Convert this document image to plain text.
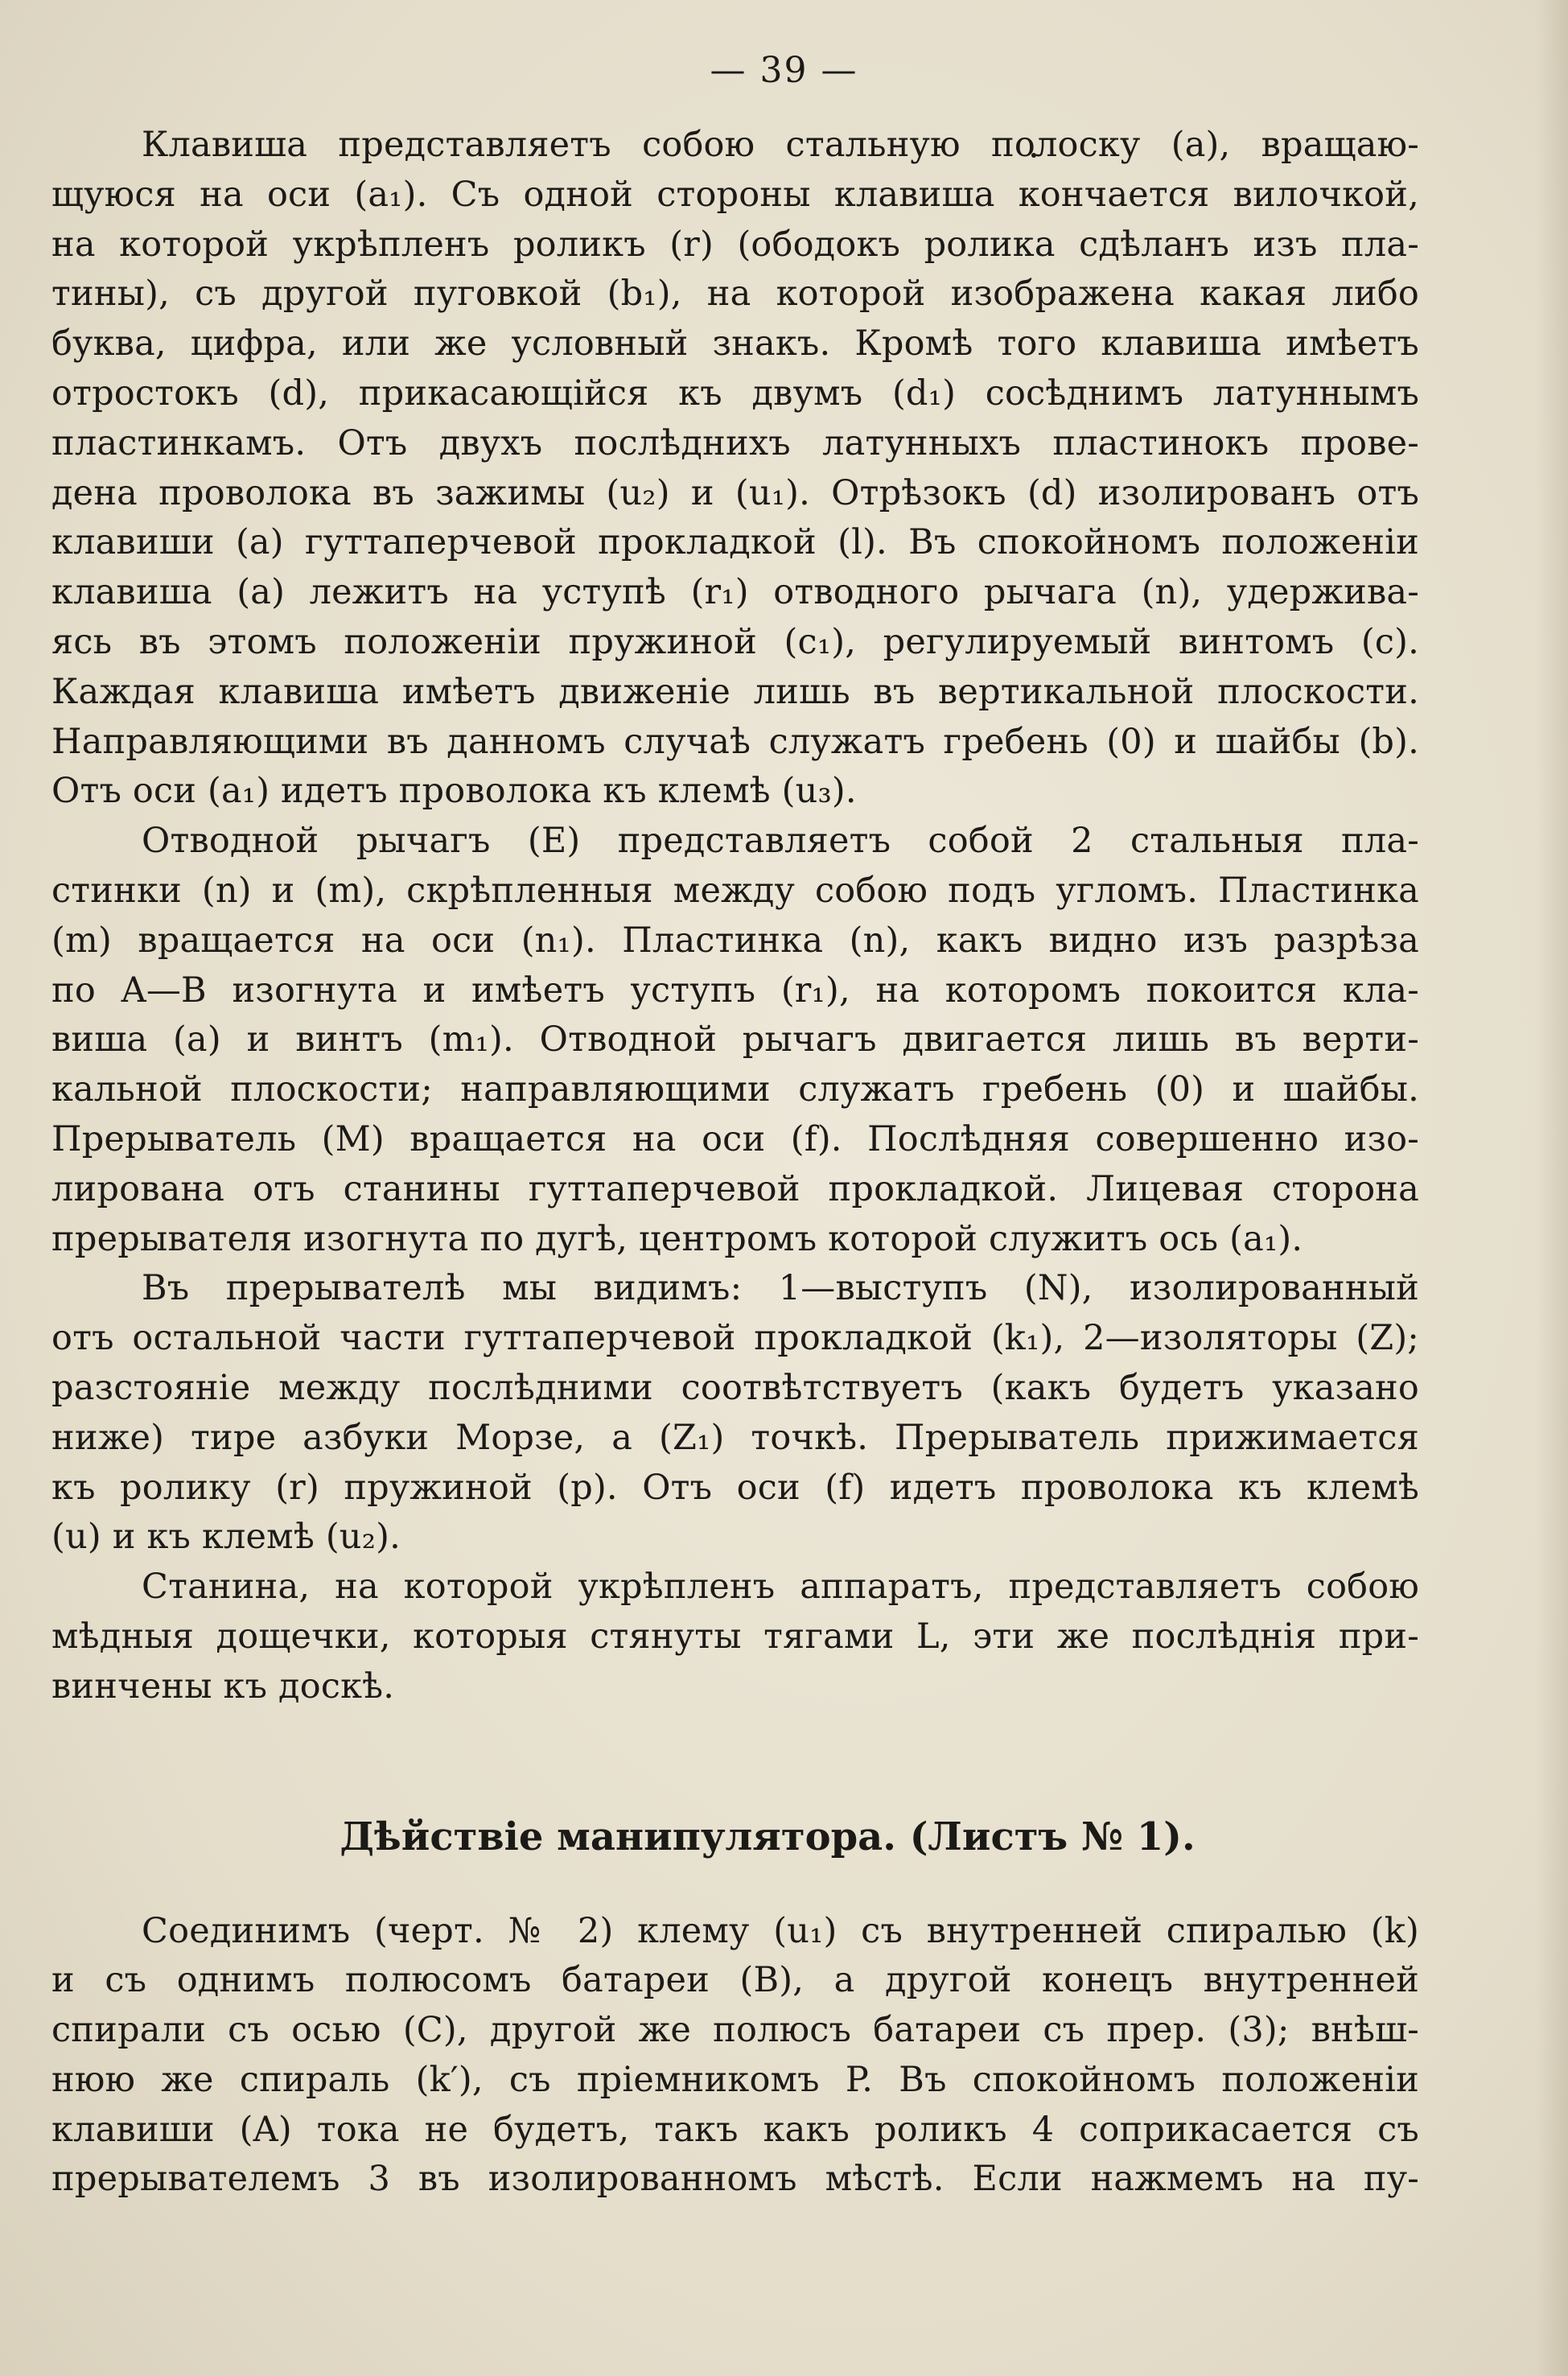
— 39 —
Клавиша представляетъ собою стальную полоску (a), вращаю-
щуюся на оси (a₁). Съ одной стороны клавиша кончается вилочкой,
на которой укрѣпленъ роликъ (r) (ободокъ ролика сдѣланъ изъ пла-
тины), съ другой пуговкой (b₁), на которой изображена какая либо
буква, цифра, или же условный знакъ. Кромѣ того клавиша имѣетъ
отростокъ (d), прикасающійся къ двумъ (d₁) сосѣднимъ латуннымъ
пластинкамъ. Отъ двухъ послѣднихъ латунныхъ пластинокъ прове-
дена проволока въ зажимы (u₂) и (u₁). Отрѣзокъ (d) изолированъ отъ
клавиши (a) гуттаперчевой прокладкой (l). Въ спокойномъ положеніи
клавиша (a) лежитъ на уступѣ (r₁) отводного рычага (n), удержива-
ясь въ этомъ положеніи пружиной (c₁), регулируемый винтомъ (c).
Каждая клавиша имѣетъ движеніе лишь въ вертикальной плоскости.
Направляющими въ данномъ случаѣ служатъ гребень (0) и шайбы (b).
Отъ оси (a₁) идетъ проволока къ клемѣ (u₃).
Отводной рычагъ (E) представляетъ собой 2 стальныя пла-
стинки (n) и (m), скрѣпленныя между собою подъ угломъ. Пластинка
(m) вращается на оси (n₁). Пластинка (n), какъ видно изъ разрѣза
по A—B изогнута и имѣетъ уступъ (r₁), на которомъ покоится кла-
виша (a) и винтъ (m₁). Отводной рычагъ двигается лишь въ верти-
кальной плоскости; направляющими служатъ гребень (0) и шайбы.
Прерыватель (M) вращается на оси (f). Послѣдняя совершенно изо-
лирована отъ станины гуттаперчевой прокладкой. Лицевая сторона
прерывателя изогнута по дугѣ, центромъ которой служитъ ось (a₁).
Въ прерывателѣ мы видимъ: 1—выступъ (N), изолированный
отъ остальной части гуттаперчевой прокладкой (k₁), 2—изоляторы (Z);
разстояніе между послѣдними соотвѣтствуетъ (какъ будетъ указано
ниже) тире азбуки Морзе, а (Z₁) точкѣ. Прерыватель прижимается
къ ролику (r) пружиной (p). Отъ оси (f) идетъ проволока къ клемѣ
(u) и къ клемѣ (u₂).
Станина, на которой укрѣпленъ аппаратъ, представляетъ собою
мѣдныя дощечки, которыя стянуты тягами L, эти же послѣднія при-
винчены къ доскѣ.
Дѣйствіе манипулятора. (Листъ № 1).
Соединимъ (черт. № 2) клему (u₁) съ внутренней спиралью (k)
и съ однимъ полюсомъ батареи (B), а другой конецъ внутренней
спирали съ осью (C), другой же полюсъ батареи съ прер. (3); внѣш-
нюю же спираль (k′), съ пріемникомъ P. Въ спокойномъ положеніи
клавиши (A) тока не будетъ, такъ какъ роликъ 4 соприкасается съ
прерывателемъ 3 въ изолированномъ мѣстѣ. Если нажмемъ на пу-
